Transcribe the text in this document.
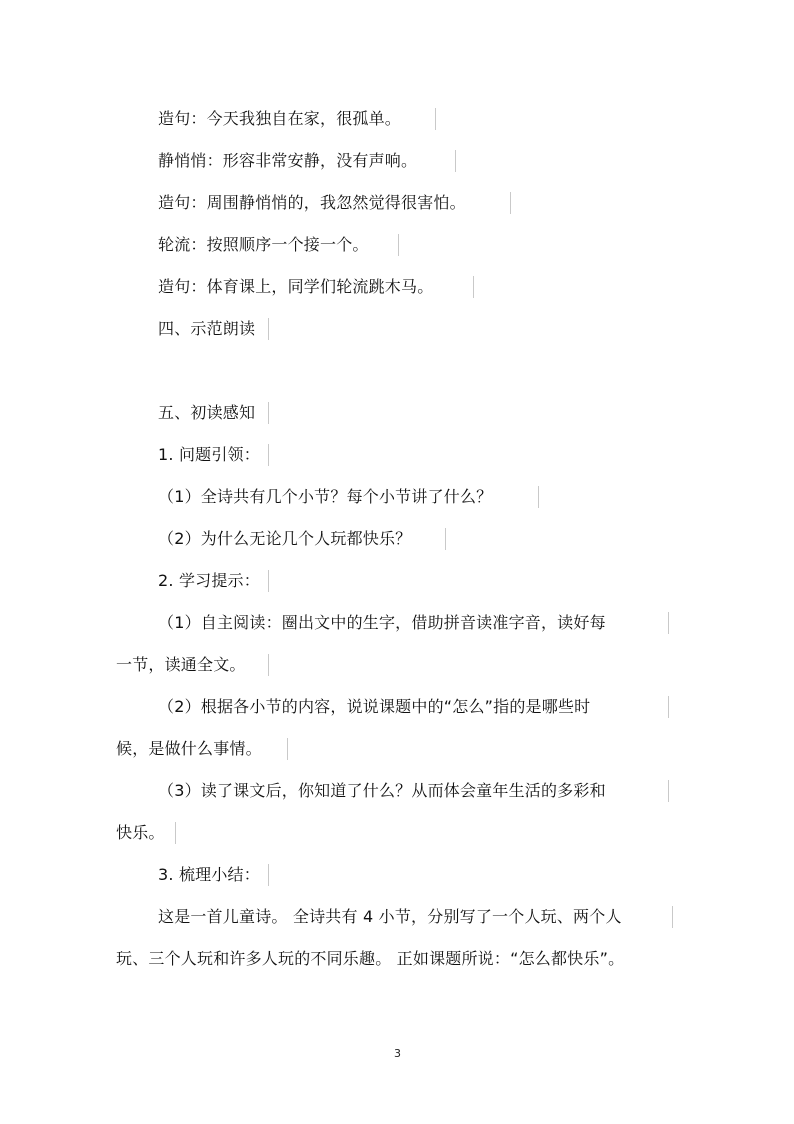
造句：今天我独自在家，很孤单。
静悄悄：形容非常安静，没有声响。
造句：周围静悄悄的，我忽然觉得很害怕。
轮流：按照顺序一个接一个。
造句：体育课上，同学们轮流跳木马。
四、示范朗读
五、初读感知
1. 问题引领：
（1）全诗共有几个小节？每个小节讲了什么？
（2）为什么无论几个人玩都快乐？
2. 学习提示：
（1）自主阅读：圈出文中的生字，借助拼音读准字音，读好每
一节，读通全文。
（2）根据各小节的内容，说说课题中的“怎么”指的是哪些时
候，是做什么事情。
（3）读了课文后，你知道了什么？从而体会童年生活的多彩和
快乐。
3. 梳理小结：
这是一首儿童诗。 全诗共有 4 小节，分别写了一个人玩、两个人
玩、三个人玩和许多人玩的不同乐趣。 正如课题所说：“怎么都快乐”。
3
